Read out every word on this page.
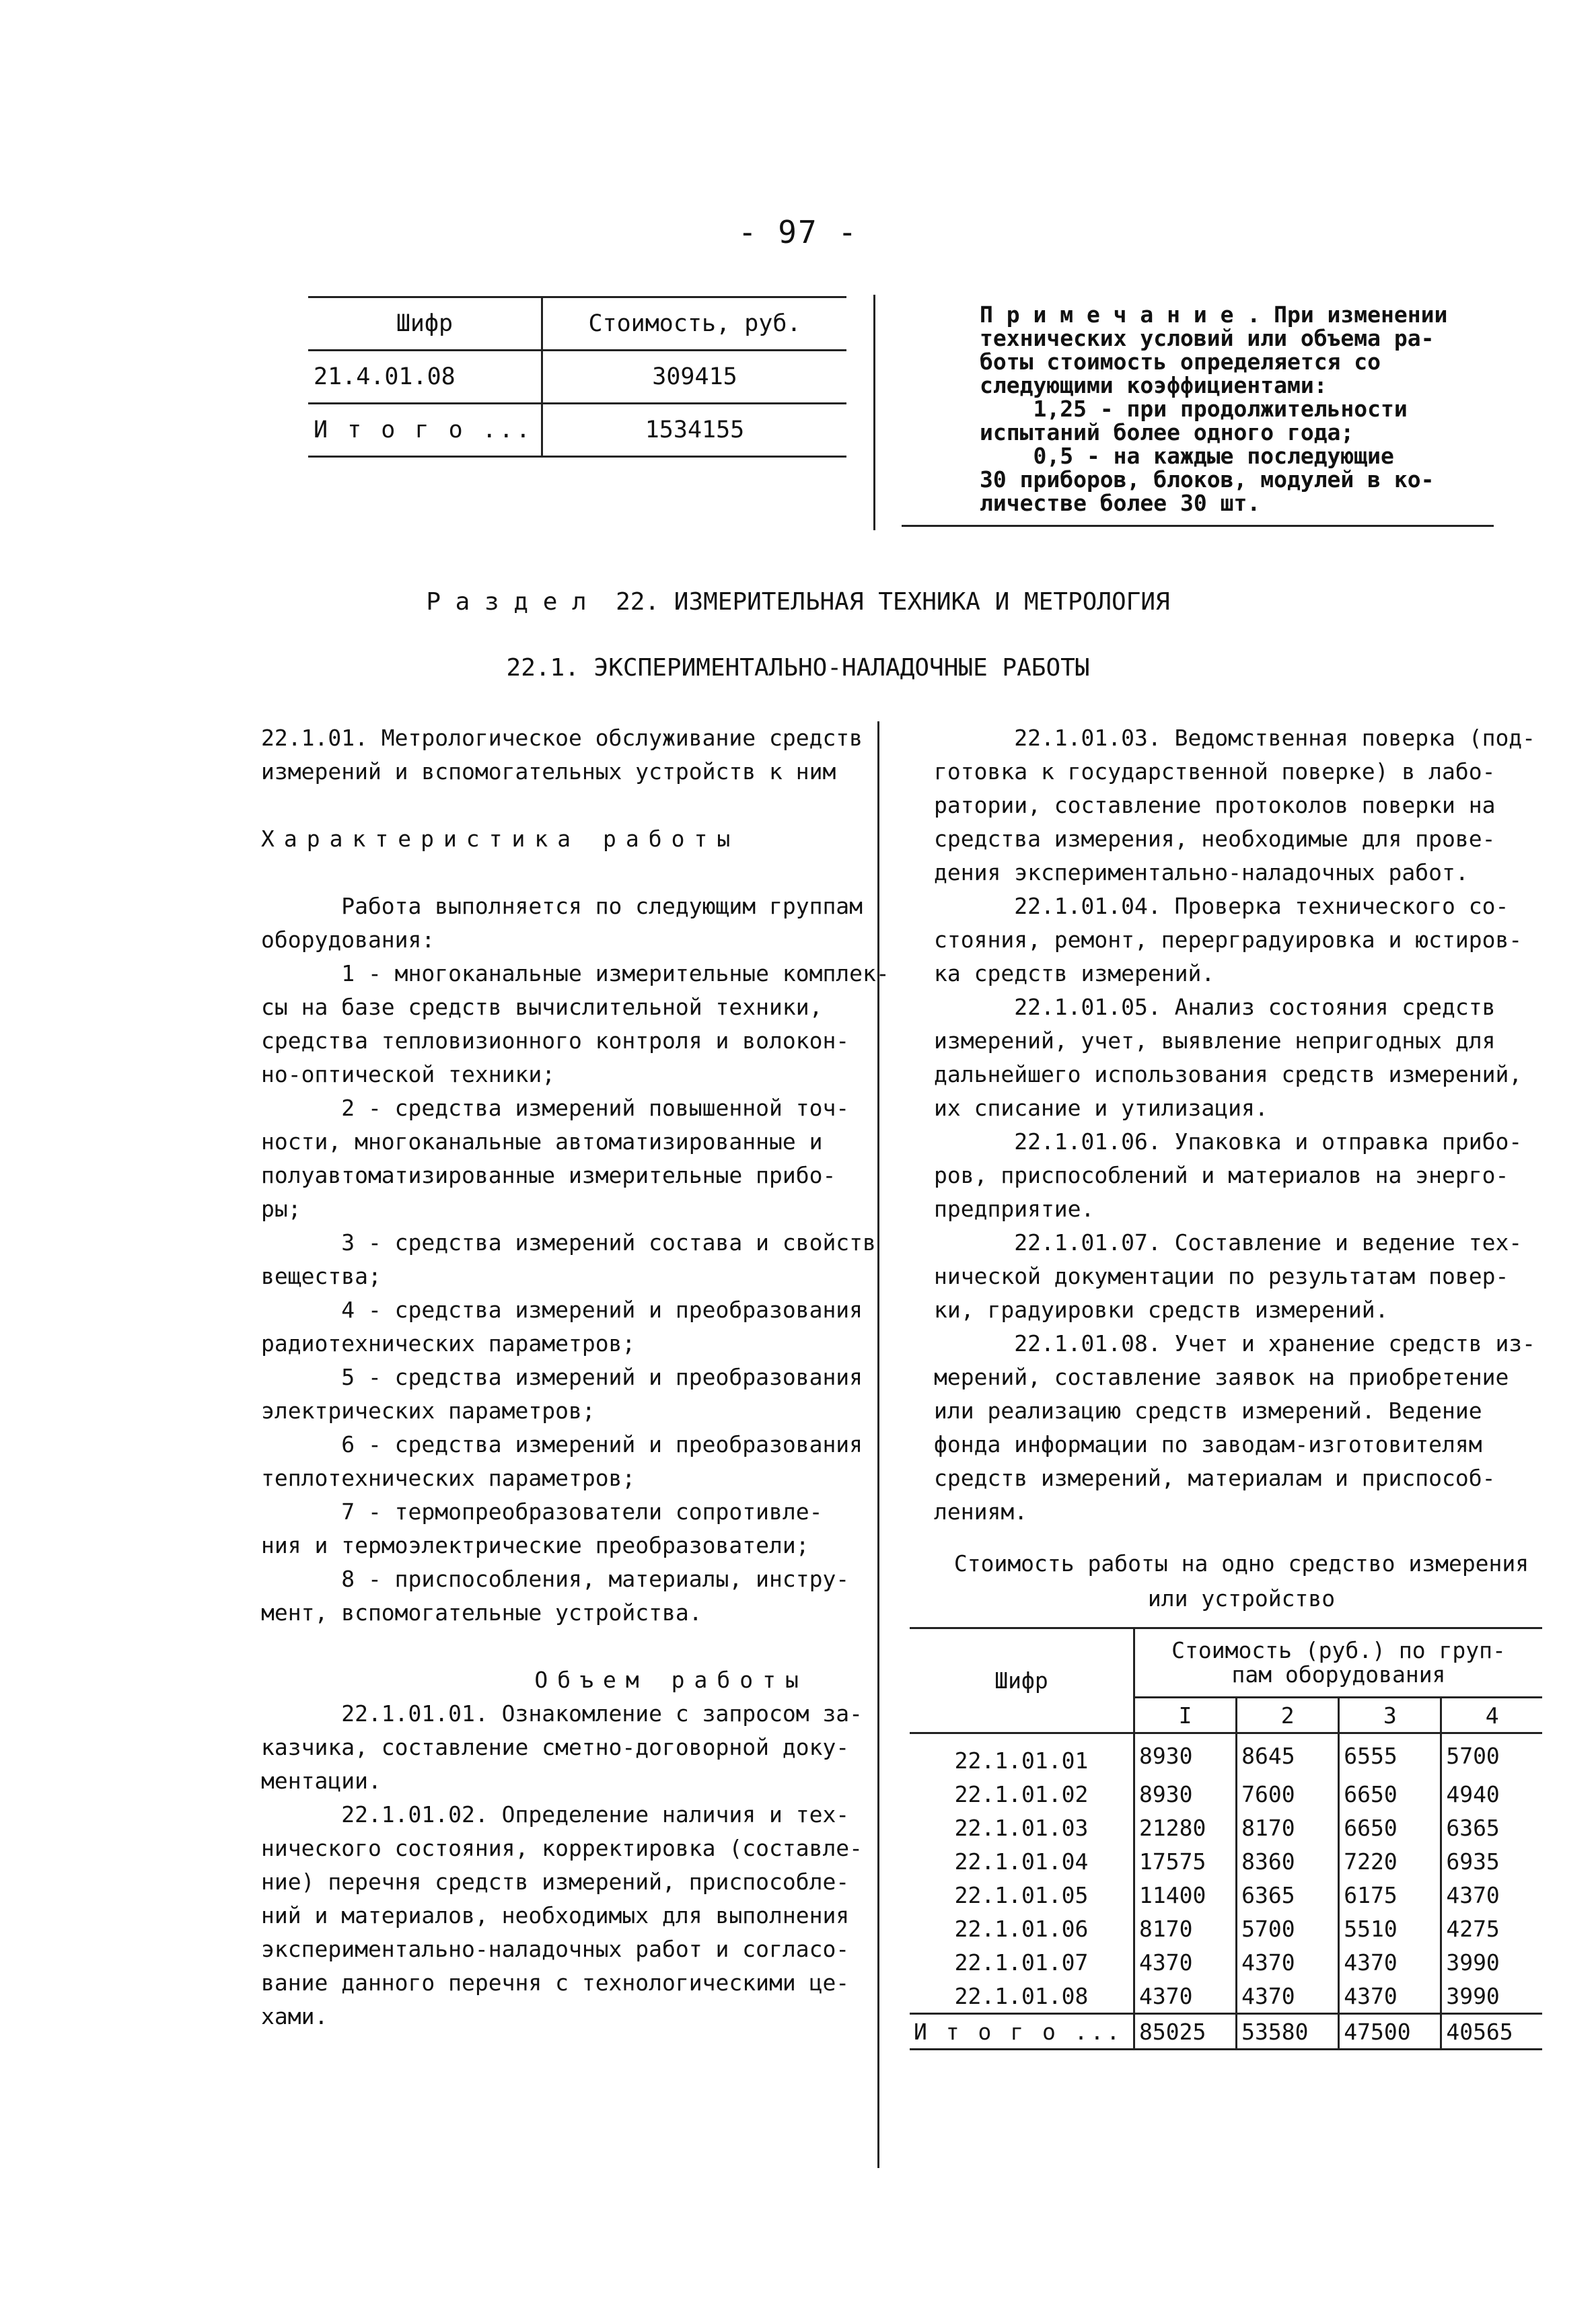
- 97 -
Шифр	Стоимость, руб.
21.4.01.08	309415
И т о г о ...	1534155
П р и м е ч а н и е . При изменении
технических условий или объема ра-
боты стоимость определяется со
следующими коэффициентами:
1,25 - при продолжительности
испытаний более одного года;
0,5 - на каждые последующие
30 приборов, блоков, модулей в ко-
личестве более 30 шт.
Р а з д е л  22. ИЗМЕРИТЕЛЬНАЯ ТЕХНИКА И МЕТРОЛОГИЯ
22.1. ЭКСПЕРИМЕНТАЛЬНО-НАЛАДОЧНЫЕ РАБОТЫ
22.1.01. Метрологическое обслуживание средств
измерений и вспомогательных устройств к ним
Характеристика работы
Работа выполняется по следующим группам
оборудования:
1 - многоканальные измерительные комплек-
сы на базе средств вычислительной техники,
средства тепловизионного контроля и волокон-
но-оптической техники;
2 - средства измерений повышенной точ-
ности, многоканальные автоматизированные и
полуавтоматизированные измерительные прибо-
ры;
3 - средства измерений состава и свойств
вещества;
4 - средства измерений и преобразования
радиотехнических параметров;
5 - средства измерений и преобразования
электрических параметров;
6 - средства измерений и преобразования
теплотехнических параметров;
7 - термопреобразователи сопротивле-
ния и термоэлектрические преобразователи;
8 - приспособления, материалы, инстру-
мент, вспомогательные устройства.
Объем работы
22.1.01.01. Ознакомление с запросом за-
казчика, составление сметно-договорной доку-
ментации.
22.1.01.02. Определение наличия и тех-
нического состояния, корректировка (составле-
ние) перечня средств измерений, приспособле-
ний и материалов, необходимых для выполнения
экспериментально-наладочных работ и согласо-
вание данного перечня с технологическими це-
хами.
22.1.01.03. Ведомственная поверка (под-
готовка к государственной поверке) в лабо-
ратории, составление протоколов поверки на
средства измерения, необходимые для прове-
дения экспериментально-наладочных работ.
22.1.01.04. Проверка технического со-
стояния, ремонт, перерградуировка и юстиров-
ка средств измерений.
22.1.01.05. Анализ состояния средств
измерений, учет, выявление непригодных для
дальнейшего использования средств измерений,
их списание и утилизация.
22.1.01.06. Упаковка и отправка прибо-
ров, приспособлений и материалов на энерго-
предприятие.
22.1.01.07. Составление и ведение тех-
нической документации по результатам повер-
ки, градуировки средств измерений.
22.1.01.08. Учет и хранение средств из-
мерений, составление заявок на приобретение
или реализацию средств измерений. Ведение
фонда информации по заводам-изготовителям
средств измерений, материалам и приспособ-
лениям.
Стоимость работы на одно средство измерения
или устройство
Шифр	Стоимость (руб.) по груп-
пам оборудования			
	I	2	3	4
22.1.01.01	8930	8645	6555	5700
22.1.01.02	8930	7600	6650	4940
22.1.01.03	21280	8170	6650	6365
22.1.01.04	17575	8360	7220	6935
22.1.01.05	11400	6365	6175	4370
22.1.01.06	8170	5700	5510	4275
22.1.01.07	4370	4370	4370	3990
22.1.01.08	4370	4370	4370	3990
И т о г о ...	85025	53580	47500	40565
